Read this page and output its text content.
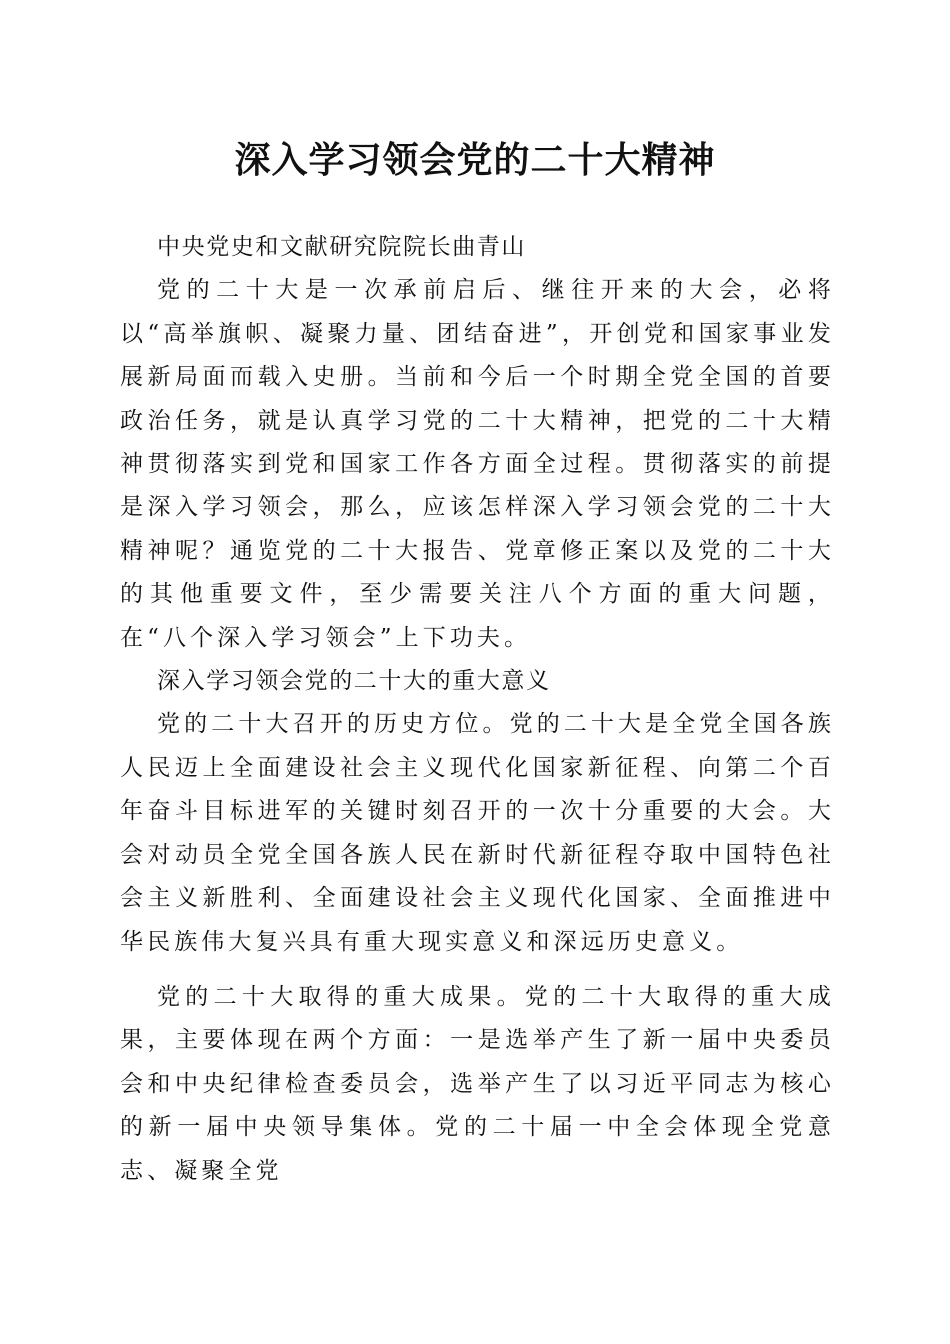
深入学习领会党的二十大精神

中央党史和文献研究院院长曲青山

党的二十大是一次承前启后、继往开来的大会，必将以“高举旗帜、凝聚力量、团结奋进”，开创党和国家事业发展新局面而载入史册。当前和今后一个时期全党全国的首要政治任务，就是认真学习党的二十大精神，把党的二十大精神贯彻落实到党和国家工作各方面全过程。贯彻落实的前提是深入学习领会，那么，应该怎样深入学习领会党的二十大精神呢？通览党的二十大报告、党章修正案以及党的二十大的其他重要文件，至少需要关注八个方面的重大问题，在“八个深入学习领会”上下功夫。

深入学习领会党的二十大的重大意义

党的二十大召开的历史方位。党的二十大是全党全国各族人民迈上全面建设社会主义现代化国家新征程、向第二个百年奋斗目标进军的关键时刻召开的一次十分重要的大会。大会对动员全党全国各族人民在新时代新征程夺取中国特色社会主义新胜利、全面建设社会主义现代化国家、全面推进中华民族伟大复兴具有重大现实意义和深远历史意义。

党的二十大取得的重大成果。党的二十大取得的重大成果，主要体现在两个方面：一是选举产生了新一届中央委员会和中央纪律检查委员会，选举产生了以习近平同志为核心的新一届中央领导集体。党的二十届一中全会体现全党意志、凝聚全党
